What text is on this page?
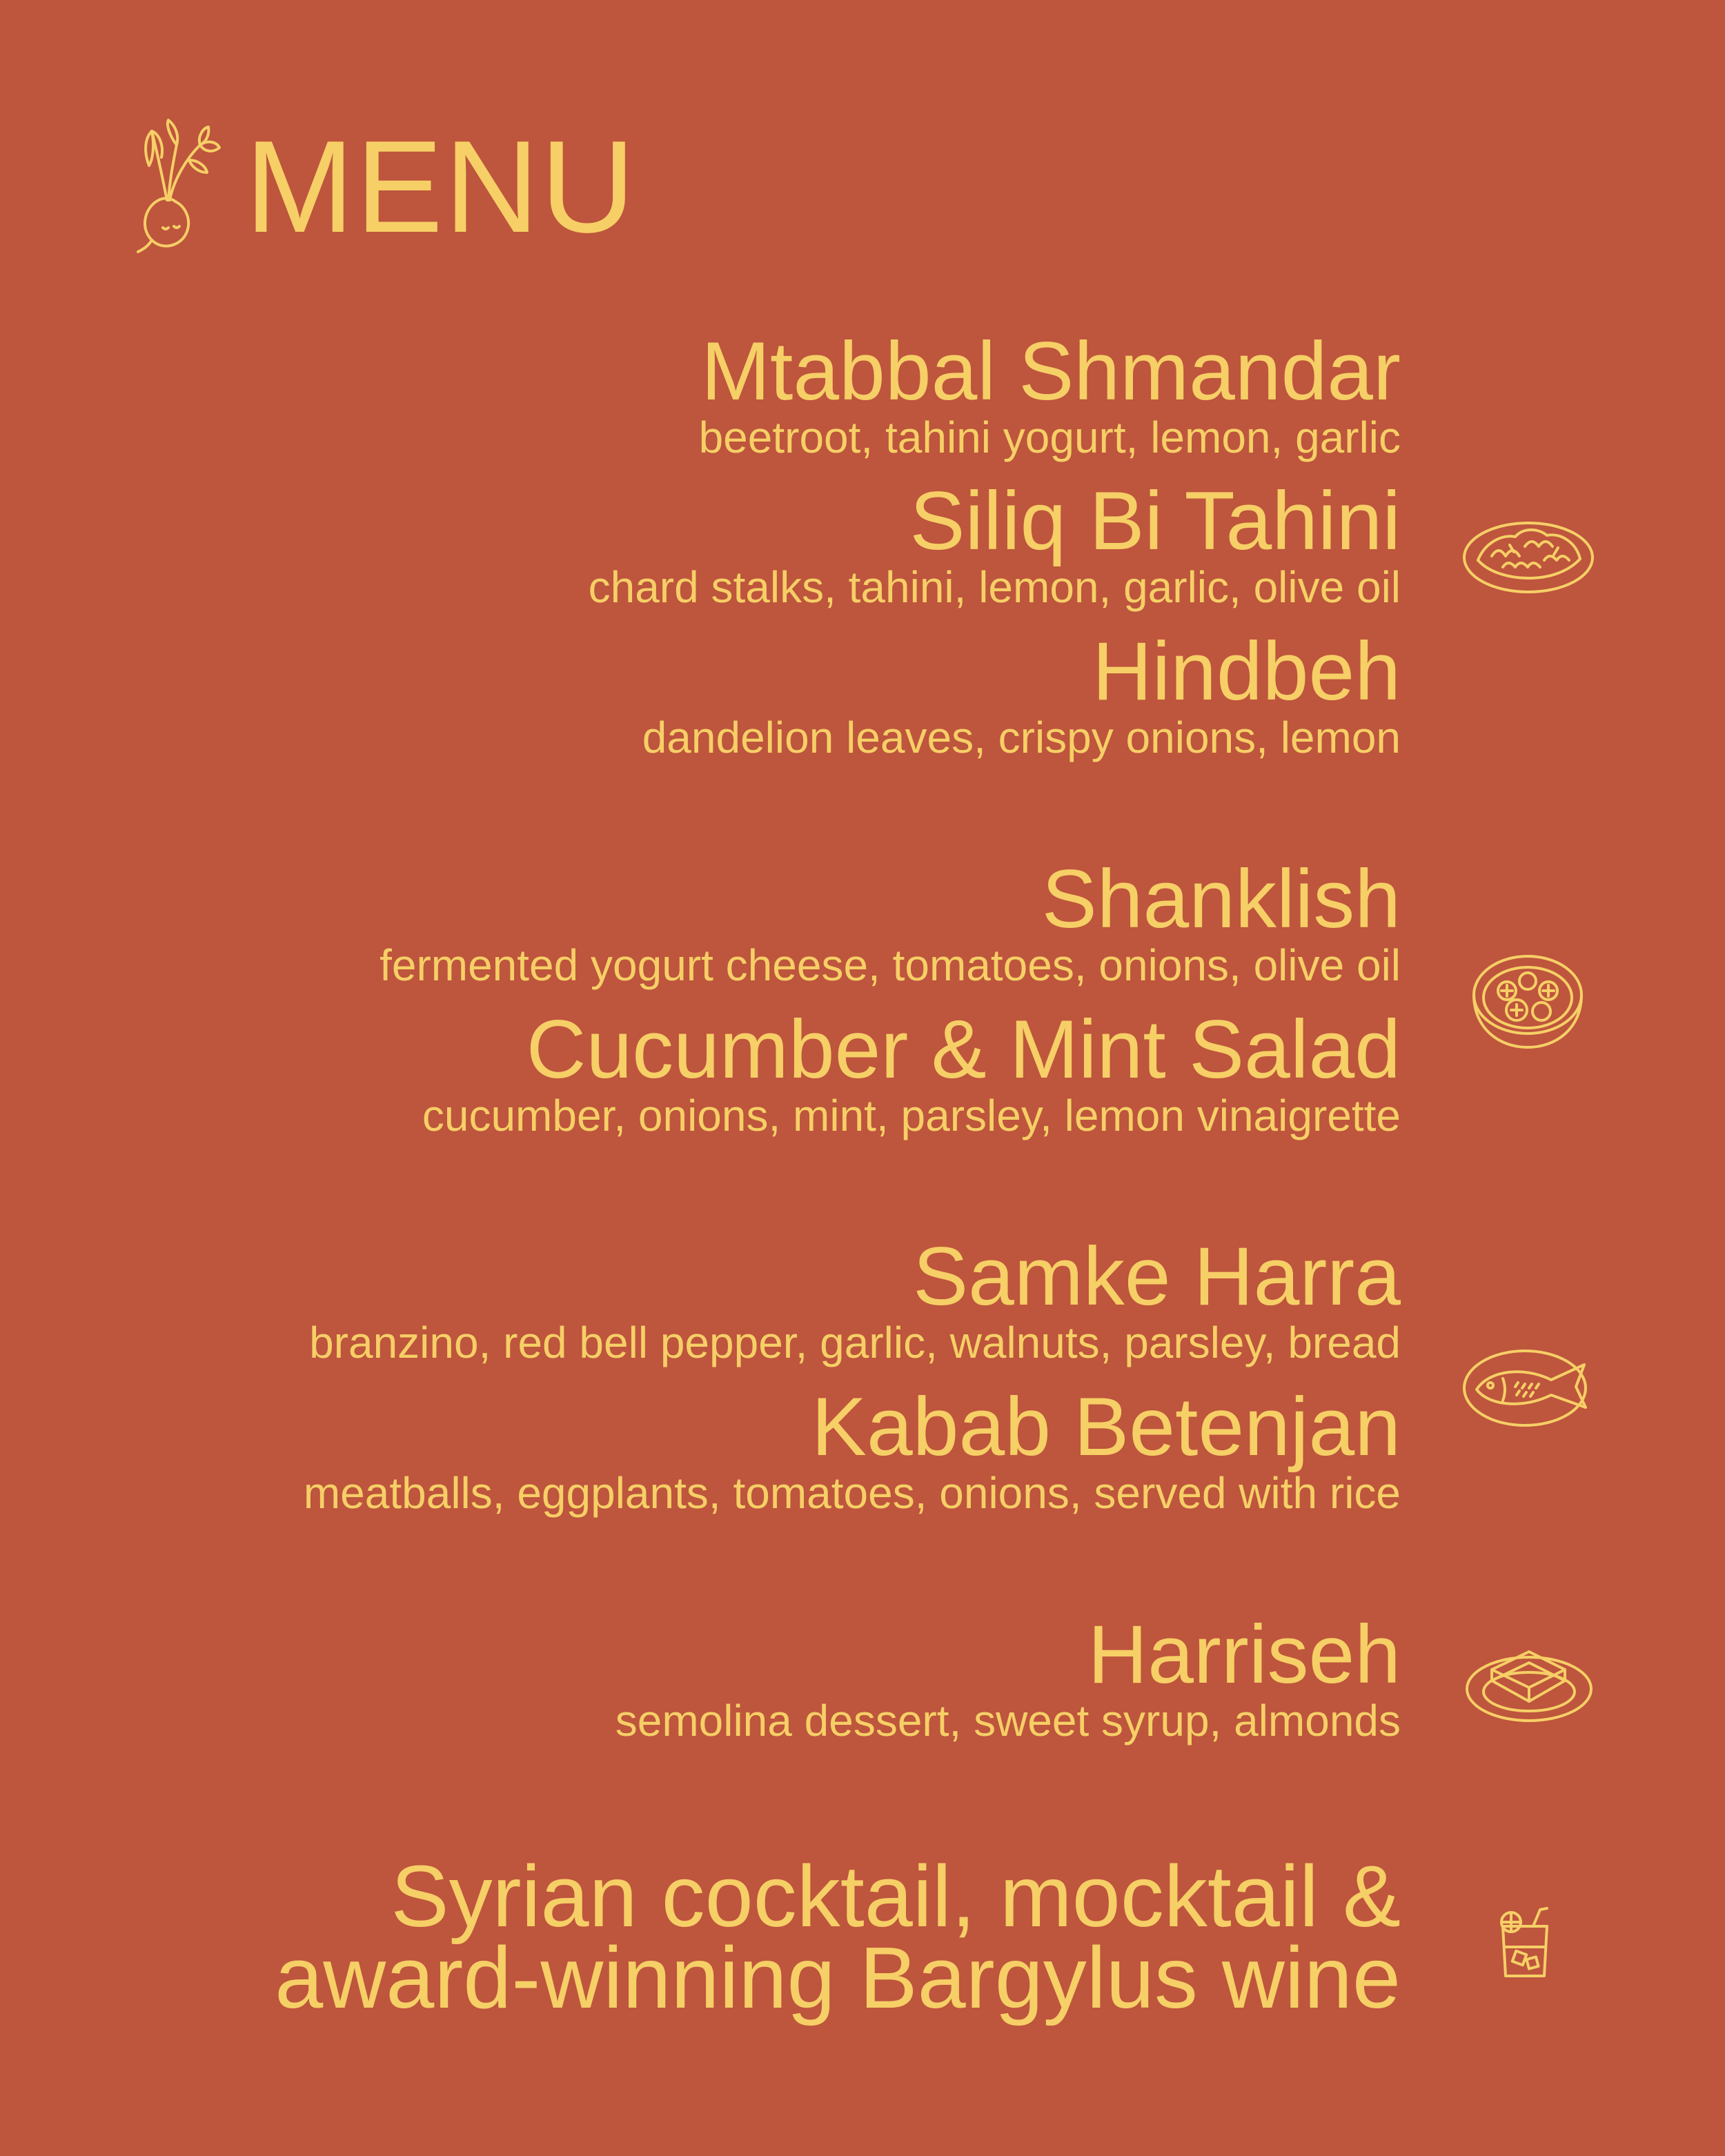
MENU
Mtabbal Shmandar
beetroot, tahini yogurt, lemon, garlic
Siliq Bi Tahini
chard stalks, tahini, lemon, garlic, olive oil
Hindbeh
dandelion leaves, crispy onions, lemon
Shanklish
fermented yogurt cheese, tomatoes, onions, olive oil
Cucumber & Mint Salad
cucumber, onions, mint, parsley, lemon vinaigrette
Samke Harra
branzino, red bell pepper, garlic, walnuts, parsley, bread
Kabab Betenjan
meatballs, eggplants, tomatoes, onions, served with rice
Harriseh
semolina dessert, sweet syrup, almonds
Syrian cocktail, mocktail &
award-winning Bargylus wine
